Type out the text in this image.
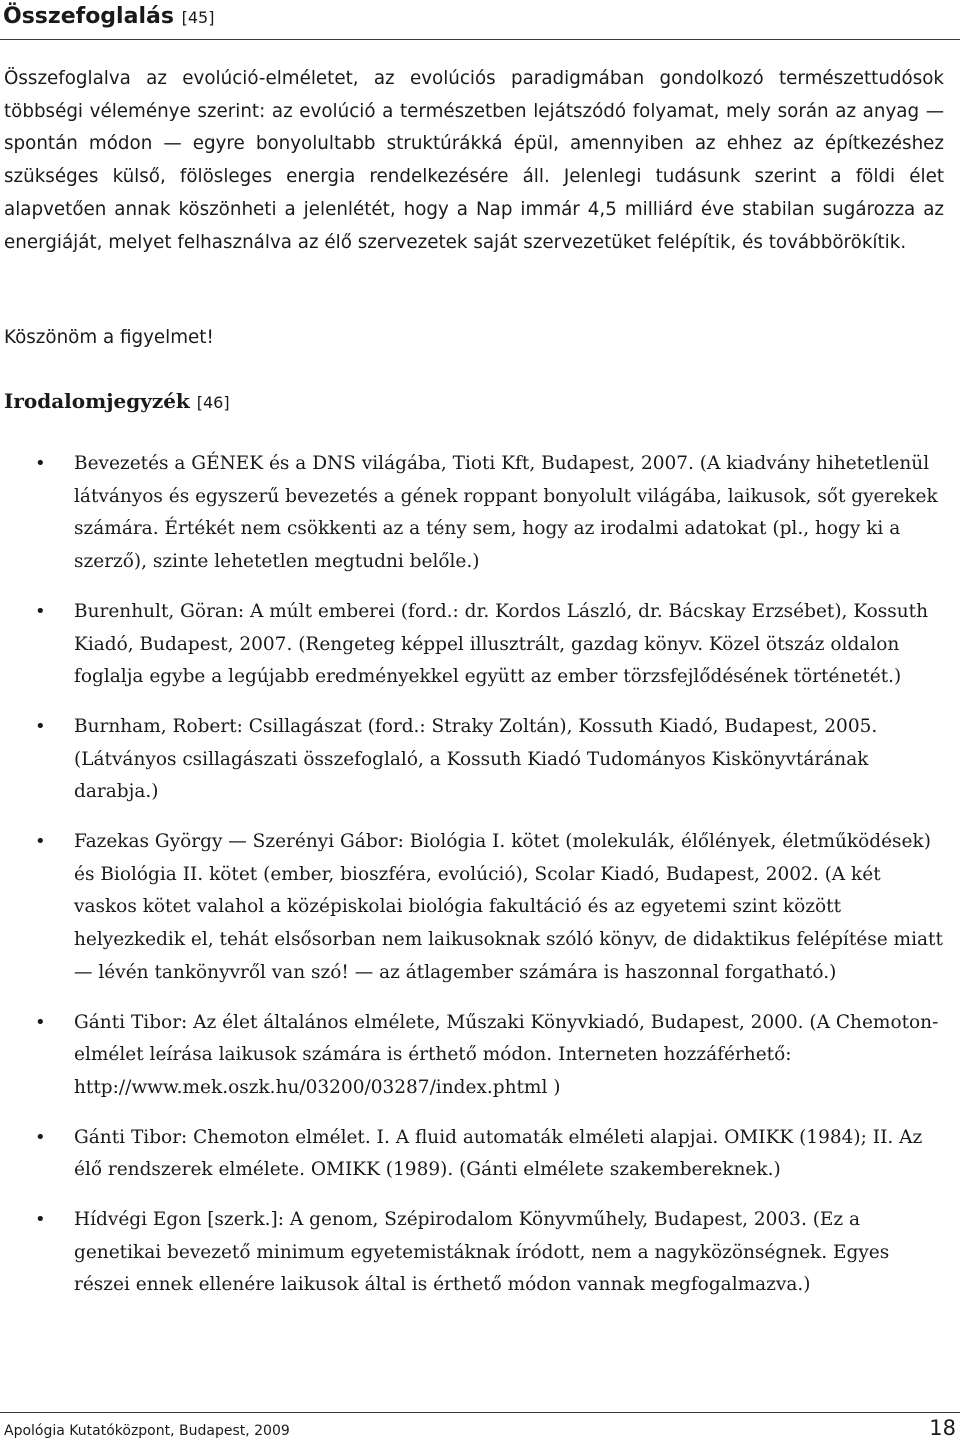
Összefoglalás [45]
Összefoglalva az evolúció-elméletet, az evolúciós paradigmában gondolkozó természettudósok többségi véleménye szerint: az evolúció a természetben lejátszódó folyamat, mely során az anyag — spontán módon — egyre bonyolultabb struktúrákká épül, amennyiben az ehhez az építkezéshez szükséges külső, fölösleges energia rendelkezésére áll. Jelenlegi tudásunk szerint a földi élet alapvetően annak köszönheti a jelenlétét, hogy a Nap immár 4,5 milliárd éve stabilan sugározza az energiáját, melyet felhasználva az élő szervezetek saját szervezetüket felépítik, és továbbörökítik.
Köszönöm a figyelmet!
Irodalomjegyzék [46]
• Bevezetés a GÉNEK és a DNS világába, Tioti Kft, Budapest, 2007. (A kiadvány hihetetlenül látványos és egyszerű bevezetés a gének roppant bonyolult világába, laikusok, sőt gyerekek számára. Értékét nem csökkenti az a tény sem, hogy az irodalmi adatokat (pl., hogy ki a szerző), szinte lehetetlen megtudni belőle.)
• Burenhult, Göran: A múlt emberei (ford.: dr. Kordos László, dr. Bácskay Erzsébet), Kossuth Kiadó, Budapest, 2007. (Rengeteg képpel illusztrált, gazdag könyv. Közel ötszáz oldalon foglalja egybe a legújabb eredményekkel együtt az ember törzsfejlődésének történetét.)
• Burnham, Robert: Csillagászat (ford.: Straky Zoltán), Kossuth Kiadó, Budapest, 2005. (Látványos csillagászati összefoglaló, a Kossuth Kiadó Tudományos Kiskönyvtárának darabja.)
• Fazekas György — Szerényi Gábor: Biológia I. kötet (molekulák, élőlények, életműködések) és Biológia II. kötet (ember, bioszféra, evolúció), Scolar Kiadó, Budapest, 2002. (A két vaskos kötet valahol a középiskolai biológia fakultáció és az egyetemi szint között helyezkedik el, tehát elsősorban nem laikusoknak szóló könyv, de didaktikus felépítése miatt — lévén tankönyvről van szó! — az átlagember számára is haszonnal forgatható.)
• Gánti Tibor: Az élet általános elmélete, Műszaki Könyvkiadó, Budapest, 2000. (A Chemoton-elmélet leírása laikusok számára is érthető módon. Interneten hozzáférhető: http://www.mek.oszk.hu/03200/03287/index.phtml )
• Gánti Tibor: Chemoton elmélet. I. A fluid automaták elméleti alapjai. OMIKK (1984); II. Az élő rendszerek elmélete. OMIKK (1989). (Gánti elmélete szakembereknek.)
• Hídvégi Egon [szerk.]: A genom, Szépirodalom Könyvműhely, Budapest, 2003. (Ez a genetikai bevezető minimum egyetemistáknak íródott, nem a nagyközönségnek. Egyes részei ennek ellenére laikusok által is érthető módon vannak megfogalmazva.)
Apológia Kutatóközpont, Budapest, 2009	18
